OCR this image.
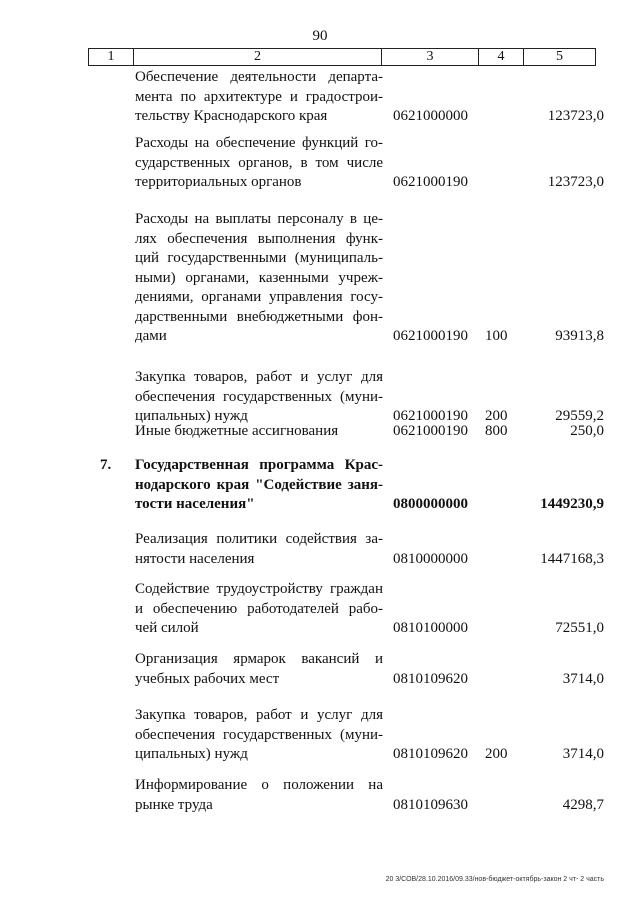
90
1	2	3	4	5
Обеспечение деятельности департа-
мента по архитектуре и градострои-
тельству Краснодарского края	0621000000	123723,0
Расходы на обеспечение функций го-
сударственных органов, в том числе
территориальных органов	0621000190	123723,0
Расходы на выплаты персоналу в це-
лях обеспечения выполнения функ-
ций государственными (муниципаль-
ными) органами, казенными учреж-
дениями, органами управления госу-
дарственными внебюджетными фон-
дами	0621000190 100	93913,8
Закупка товаров, работ и услуг для
обеспечения государственных (муни-
ципальных) нужд	0621000190 200	29559,2
Иные бюджетные ассигнования	0621000190 800	250,0
7. Государственная программа Крас-
нодарского края "Содействие заня-
тости населения"	0800000000	1449230,9
Реализация политики содействия за-
нятости населения	0810000000	1447168,3
Содействие трудоустройству граждан
и обеспечению работодателей рабо-
чей силой	0810100000	72551,0
Организация ярмарок вакансий и
учебных рабочих мест	0810109620	3714,0
Закупка товаров, работ и услуг для
обеспечения государственных (муни-
ципальных) нужд	0810109620 200	3714,0
Информирование о положении на
рынке труда	0810109630	4298,7
20 3/СОВ/28.10.2016/09.33/нов-бюджет-октябрь-закон 2 чт- 2 часть
